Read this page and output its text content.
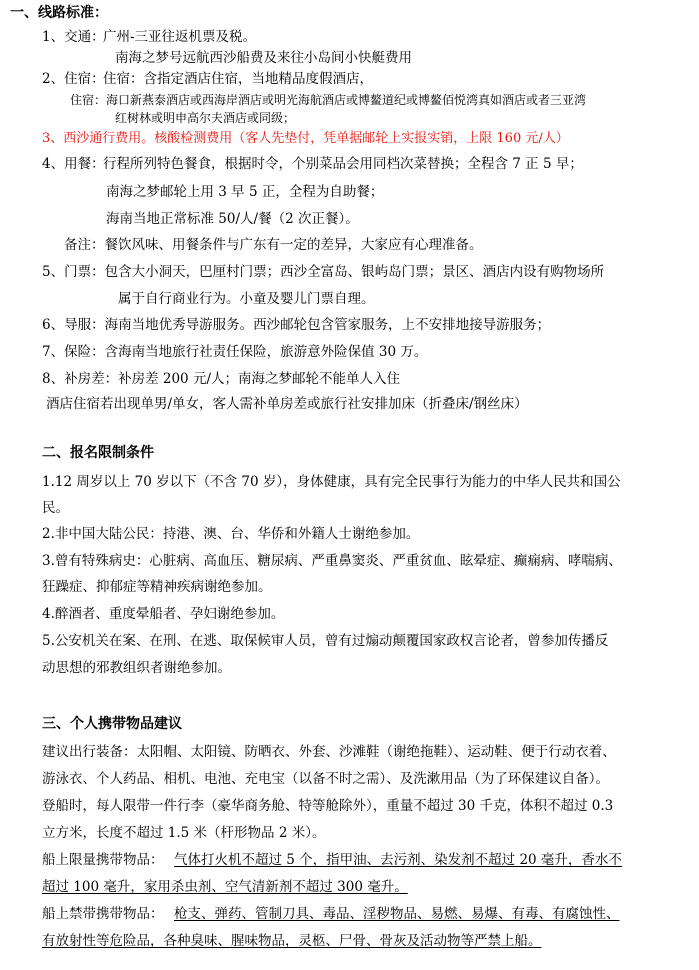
一、线路标准：
1、交通：
广州-三亚往返机票及税。
南海之梦号远航西沙船费及来往小岛间小快艇费用
2、住宿：
住宿：含指定酒店住宿，当地精品度假酒店，
住宿：海口新燕泰酒店或西海岸酒店或明光海航酒店或博鳌道纪或博鳌佰悦湾真如酒店或者三亚湾
红树林或明申高尔夫酒店或同级；
3、西沙通行费用。核酸检测费用（客人先垫付，凭单据邮轮上实报实销，上限 160 元/人）
4、用餐：
行程所列特色餐食，根据时令，个别菜品会用同档次菜替换；全程含 7 正 5 早；
南海之梦邮轮上用 3 早 5 正，全程为自助餐；
海南当地正常标准 50/人/餐（2 次正餐）。
备注：餐饮风味、用餐条件与广东有一定的差异，大家应有心理准备。
5、门票：包含大小洞天，巴厘村门票；西沙全富岛、银屿岛门票；景区、酒店内设有购物场所
属于自行商业行为。小童及婴儿门票自理。
6、导服：海南当地优秀导游服务。西沙邮轮包含管家服务，上不安排地接导游服务；
7、保险：含海南当地旅行社责任保险，旅游意外险保值 30 万。
8、补房差：补房差 200 元/人；南海之梦邮轮不能单人入住
酒店住宿若出现单男/单女，客人需补单房差或旅行社安排加床（折叠床/钢丝床）
二、报名限制条件
1.12 周岁以上 70 岁以下（不含 70 岁），身体健康，具有完全民事行为能力的中华人民共和国公
民。
2.非中国大陆公民：持港、澳、台、华侨和外籍人士谢绝参加。
3.曾有特殊病史：心脏病、高血压、糖尿病、严重鼻窦炎、严重贫血、眩晕症、癫痫病、哮喘病、
狂躁症、抑郁症等精神疾病谢绝参加。
4.醉酒者、重度晕船者、孕妇谢绝参加。
5.公安机关在案、在刑、在逃、取保候审人员，曾有过煽动颠覆国家政权言论者，曾参加传播反
动思想的邪教组织者谢绝参加。
三、个人携带物品建议
建议出行装备：太阳帽、太阳镜、防晒衣、外套、沙滩鞋（谢绝拖鞋）、运动鞋、便于行动衣着、
游泳衣、个人药品、相机、电池、充电宝（以备不时之需）、及洗漱用品（为了环保建议自备）。
登船时，每人限带一件行李（豪华商务舱、特等舱除外），重量不超过 30 千克，体积不超过 0.3
立方米，长度不超过 1.5 米（杆形物品 2 米）。
船上限量携带物品： 气体打火机不超过 5 个，指甲油、去污剂、染发剂不超过 20 毫升，香水不
超过 100 毫升，家用杀虫剂、空气清新剂不超过 300 毫升。
船上禁带携带物品： 枪支、弹药、管制刀具、毒品、淫秽物品、易燃、易爆、有毒、有腐蚀性、
有放射性等危险品，各种臭味、腥味物品，灵柩、尸骨、骨灰及活动物等严禁上船。
